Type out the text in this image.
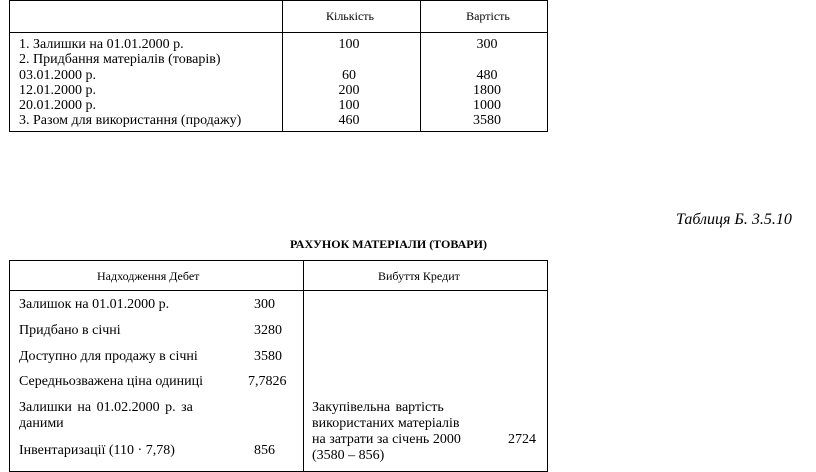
Кількість	Вартість
1. Залишки на 01.01.2000 р.	100	300
2. Придбання матеріалів (товарів)
03.01.2000 р.	60	480
12.01.2000 р.	200	1800
20.01.2000 р.	100	1000
3. Разом для використання (продажу)	460	3580
Таблиця Б. 3.5.10
РАХУНОК МАТЕРІАЛИ (ТОВАРИ)
Надходження Дебет	Вибуття Кредит
Залишок на 01.01.2000 р.	300
Придбано в січні	3280
Доступно для продажу в січні	3580
Середньозважена ціна одиниці	7,7826
Залишки на 01.02.2000 р. за
даними
Інвентаризації (110 · 7,78)	856
Закупівельна вартість
використаних матеріалів
на затрати за січень 2000	2724
(3580 – 856)
